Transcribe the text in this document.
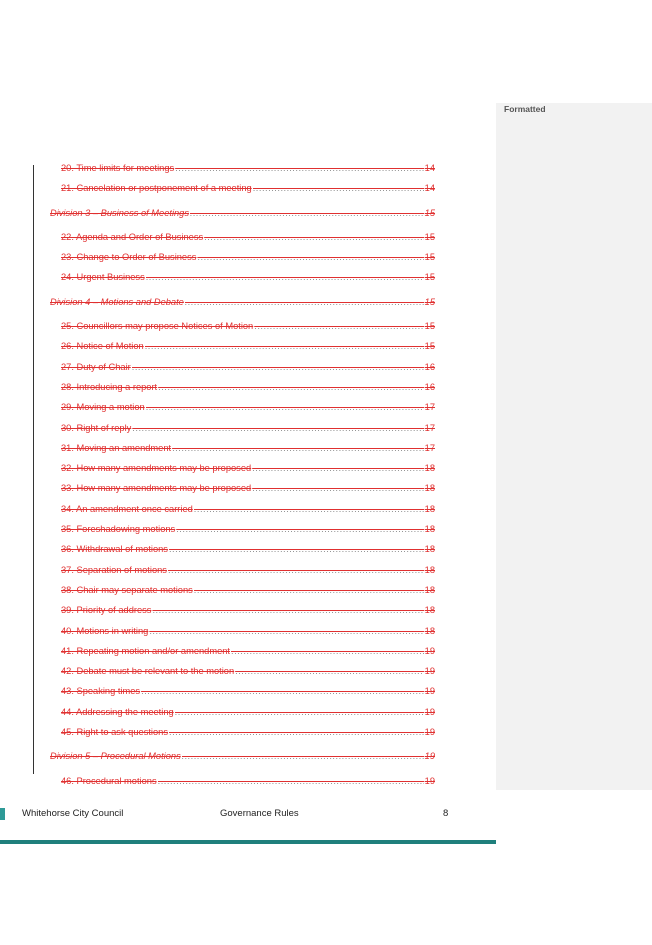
Formatted
20. Time limits for meetings .....	14
21. Cancelation or postponement of a meeting .....	14
Division 3 – Business of Meetings .....	15
22. Agenda and Order of Business .....	15
23. Change to Order of Business .....	15
24. Urgent Business .....	15
Division 4 – Motions and Debate .....	15
25. Councillors may propose Notices of Motion .....	15
26. Notice of Motion .....	15
27. Duty of Chair .....	16
28. Introducing a report .....	16
29. Moving a motion .....	17
30. Right of reply .....	17
31. Moving an amendment .....	17
32. How many amendments may be proposed .....	18
33. How many amendments may be proposed .....	18
34. An amendment once carried .....	18
35. Foreshadowing motions .....	18
36. Withdrawal of motions .....	18
37. Separation of motions .....	18
38. Chair may separate motions .....	18
39. Priority of address .....	18
40. Motions in writing .....	18
41. Repeating motion and/or amendment .....	19
42. Debate must be relevant to the motion .....	19
43. Speaking times .....	19
44. Addressing the meeting .....	19
45. Right to ask questions .....	19
Division 5 – Procedural Motions .....	19
46. Procedural motions .....	19
.....
.....
Whitehorse City Council	Governance Rules	8
